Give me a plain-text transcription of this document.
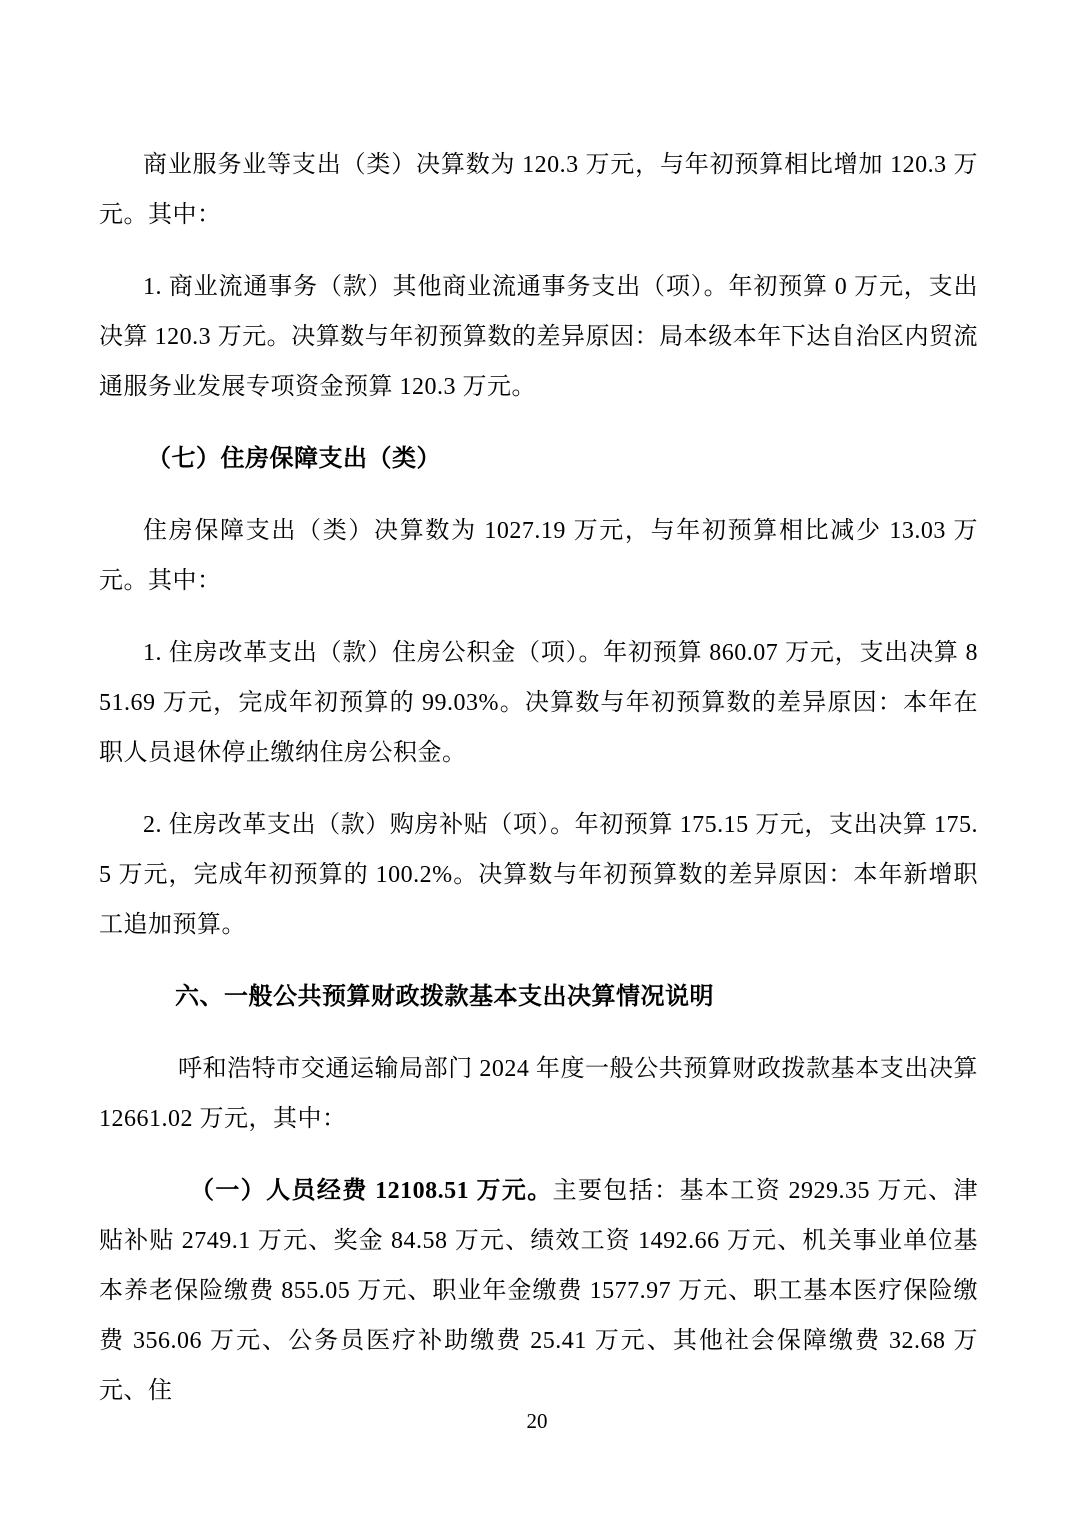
商业服务业等支出（类）决算数为 120.3 万元，与年初预算相比增加 120.3 万元。其中：

1. 商业流通事务（款）其他商业流通事务支出（项）。年初预算 0 万元，支出决算 120.3 万元。决算数与年初预算数的差异原因：局本级本年下达自治区内贸流通服务业发展专项资金预算 120.3 万元。

（七）住房保障支出（类）

住房保障支出（类）决算数为 1027.19 万元，与年初预算相比减少 13.03 万元。其中：

1. 住房改革支出（款）住房公积金（项）。年初预算 860.07 万元，支出决算 851.69 万元，完成年初预算的 99.03%。决算数与年初预算数的差异原因：本年在职人员退休停止缴纳住房公积金。

2. 住房改革支出（款）购房补贴（项）。年初预算 175.15 万元，支出决算 175.5 万元，完成年初预算的 100.2%。决算数与年初预算数的差异原因：本年新增职工追加预算。

六、一般公共预算财政拨款基本支出决算情况说明

呼和浩特市交通运输局部门 2024 年度一般公共预算财政拨款基本支出决算 12661.02 万元，其中：

（一）人员经费 12108.51 万元。主要包括：基本工资 2929.35 万元、津贴补贴 2749.1 万元、奖金 84.58 万元、绩效工资 1492.66 万元、机关事业单位基本养老保险缴费 855.05 万元、职业年金缴费 1577.97 万元、职工基本医疗保险缴费 356.06 万元、公务员医疗补助缴费 25.41 万元、其他社会保障缴费 32.68 万元、住

20
